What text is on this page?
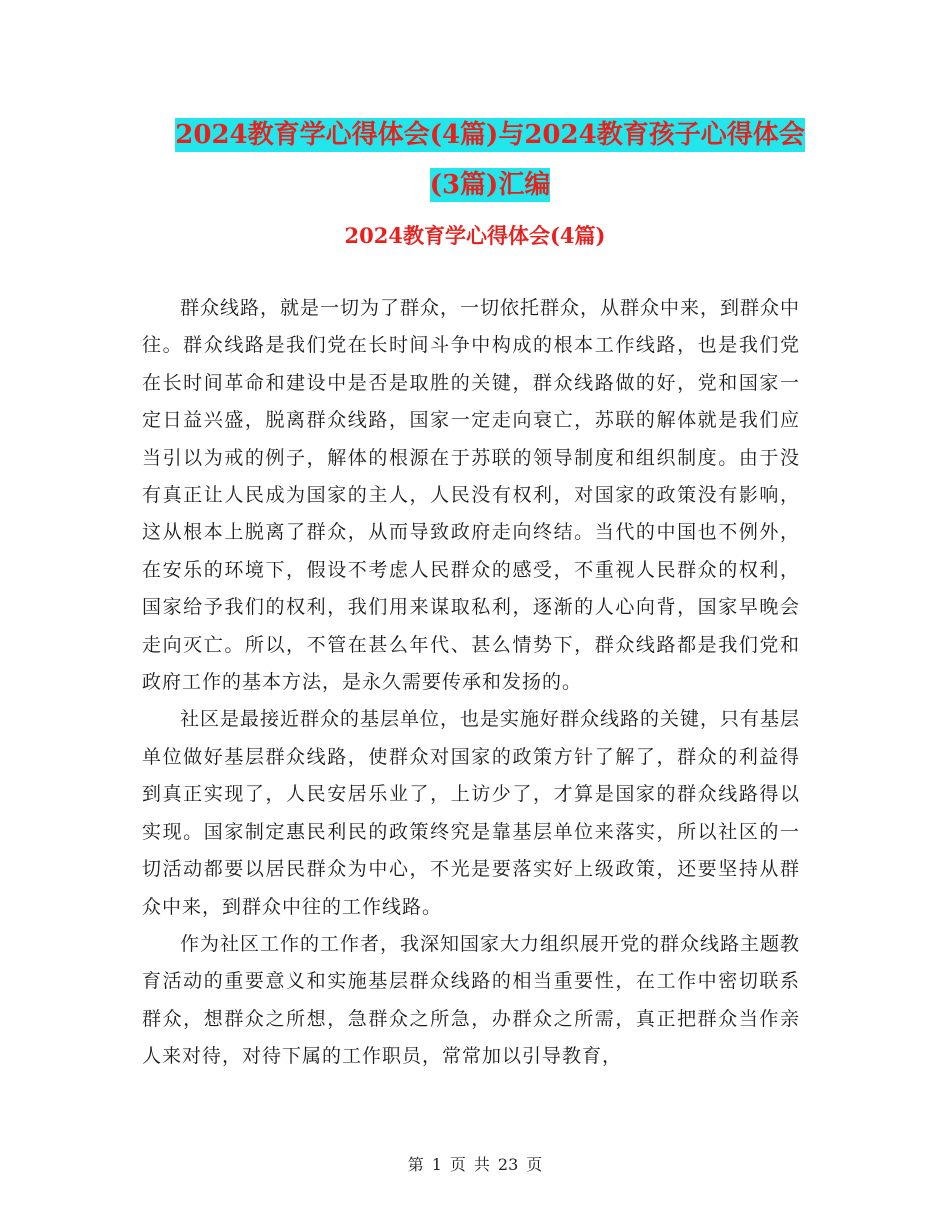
2024教育学心得体会(4篇)与2024教育孩子心得体会
(3篇)汇编
2024教育学心得体会(4篇)

群众线路，就是一切为了群众，一切依托群众，从群众中来，到群众中往。群众线路是我们党在长时间斗争中构成的根本工作线路，也是我们党在长时间革命和建设中是否是取胜的关键，群众线路做的好，党和国家一定日益兴盛，脱离群众线路，国家一定走向衰亡，苏联的解体就是我们应当引以为戒的例子，解体的根源在于苏联的领导制度和组织制度。由于没有真正让人民成为国家的主人，人民没有权利，对国家的政策没有影响，这从根本上脱离了群众，从而导致政府走向终结。当代的中国也不例外，在安乐的环境下，假设不考虑人民群众的感受，不重视人民群众的权利，国家给予我们的权利，我们用来谋取私利，逐渐的人心向背，国家早晚会走向灭亡。所以，不管在甚么年代、甚么情势下，群众线路都是我们党和政府工作的基本方法，是永久需要传承和发扬的。

社区是最接近群众的基层单位，也是实施好群众线路的关键，只有基层单位做好基层群众线路，使群众对国家的政策方针了解了，群众的利益得到真正实现了，人民安居乐业了，上访少了，才算是国家的群众线路得以实现。国家制定惠民利民的政策终究是靠基层单位来落实，所以社区的一切活动都要以居民群众为中心，不光是要落实好上级政策，还要坚持从群众中来，到群众中往的工作线路。

作为社区工作的工作者，我深知国家大力组织展开党的群众线路主题教育活动的重要意义和实施基层群众线路的相当重要性，在工作中密切联系群众，想群众之所想，急群众之所急，办群众之所需，真正把群众当作亲人来对待，对待下属的工作职员，常常加以引导教育，

第 1 页 共 23 页
